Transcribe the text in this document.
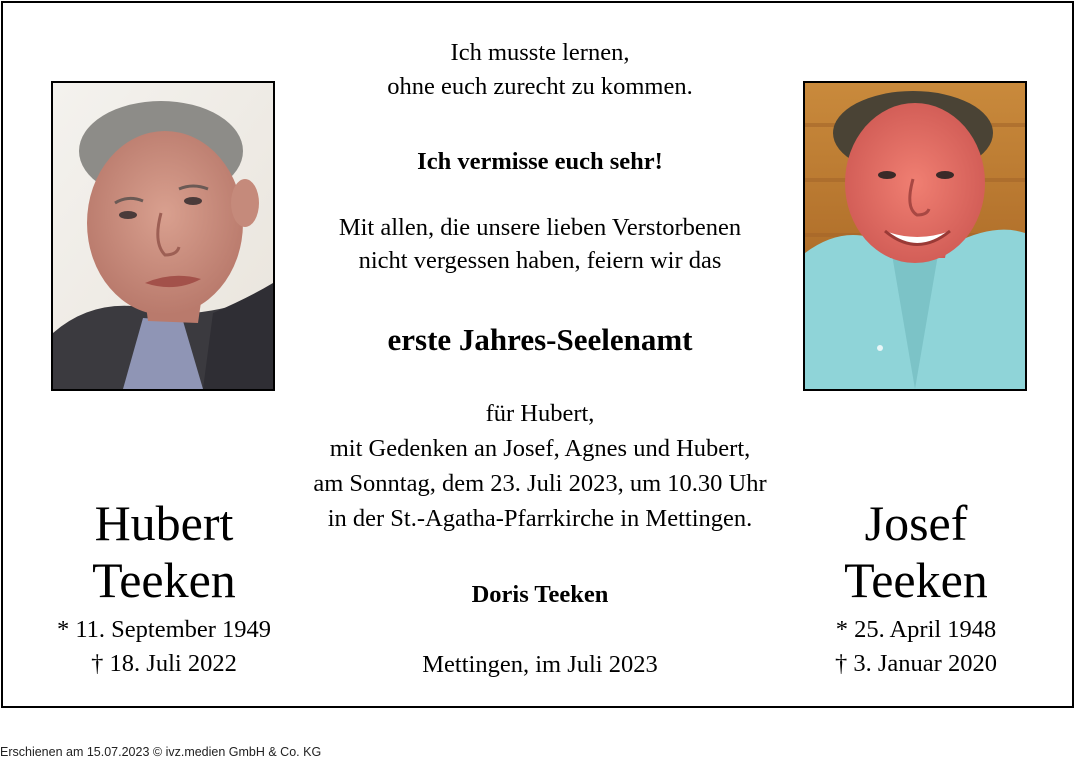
Ich musste lernen,
ohne euch zurecht zu kommen.
Ich vermisse euch sehr!
Mit allen, die unsere lieben Verstorbenen
nicht vergessen haben, feiern wir das
erste Jahres-Seelenamt
für Hubert,
mit Gedenken an Josef, Agnes und Hubert,
am Sonntag, dem 23. Juli 2023, um 10.30 Uhr
in der St.-Agatha-Pfarrkirche in Mettingen.
Doris Teeken
Mettingen, im Juli 2023
Hubert
Teeken
* 11. September 1949
† 18. Juli 2022
Josef
Teeken
* 25. April 1948
† 3. Januar 2020
Erschienen am 15.07.2023 © ivz.medien GmbH & Co. KG
